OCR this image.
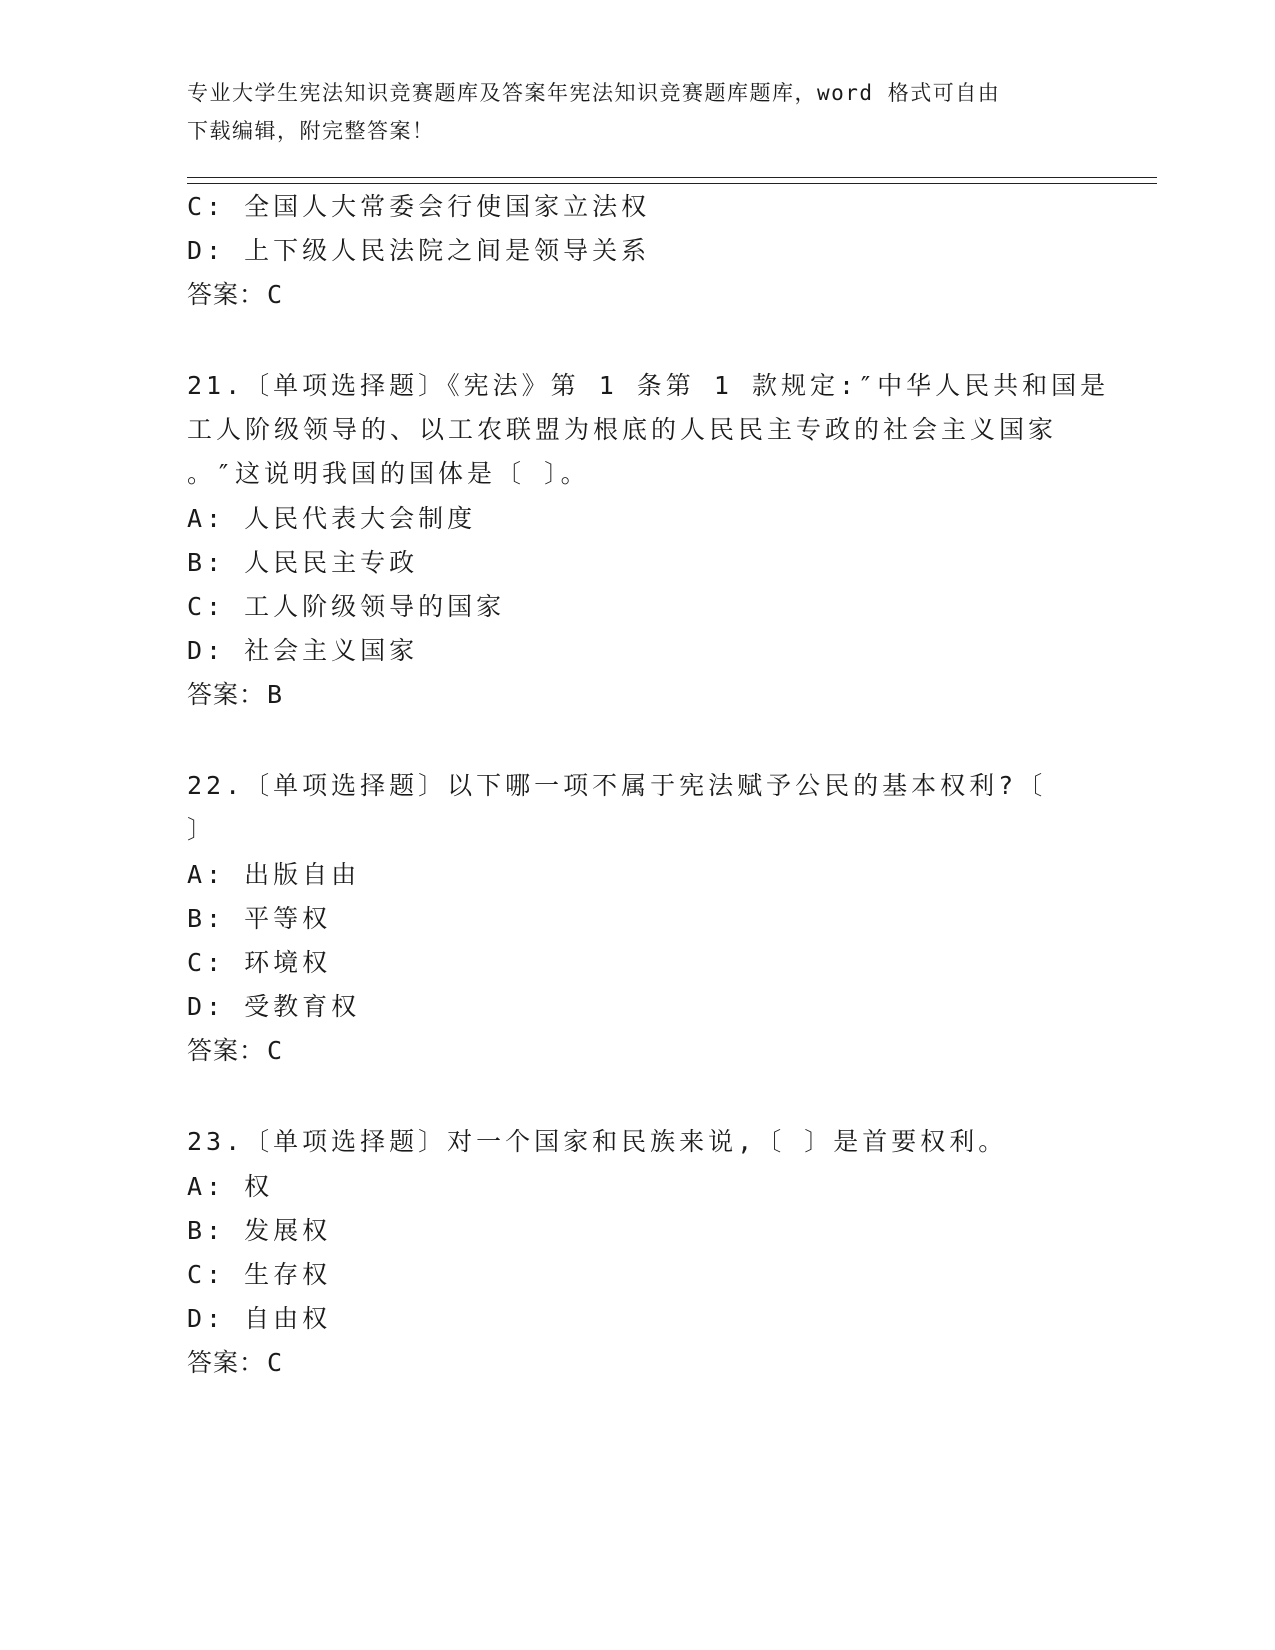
专业大学生宪法知识竞赛题库及答案年宪法知识竞赛题库题库，word 格式可自由
下载编辑，附完整答案！
C: 全国人大常委会行使国家立法权
D: 上下级人民法院之间是领导关系
答案：C
21.〔单项选择题〕《宪法》第 1 条第 1 款规定:″中华人民共和国是
工人阶级领导的、以工农联盟为根底的人民民主专政的社会主义国家
。″这说明我国的国体是〔 〕。
A: 人民代表大会制度
B: 人民民主专政
C: 工人阶级领导的国家
D: 社会主义国家
答案：B
22.〔单项选择题〕以下哪一项不属于宪法赋予公民的基本权利?〔
〕
A: 出版自由
B: 平等权
C: 环境权
D: 受教育权
答案：C
23.〔单项选择题〕对一个国家和民族来说,〔 〕是首要权利。
A: 权
B: 发展权
C: 生存权
D: 自由权
答案：C
